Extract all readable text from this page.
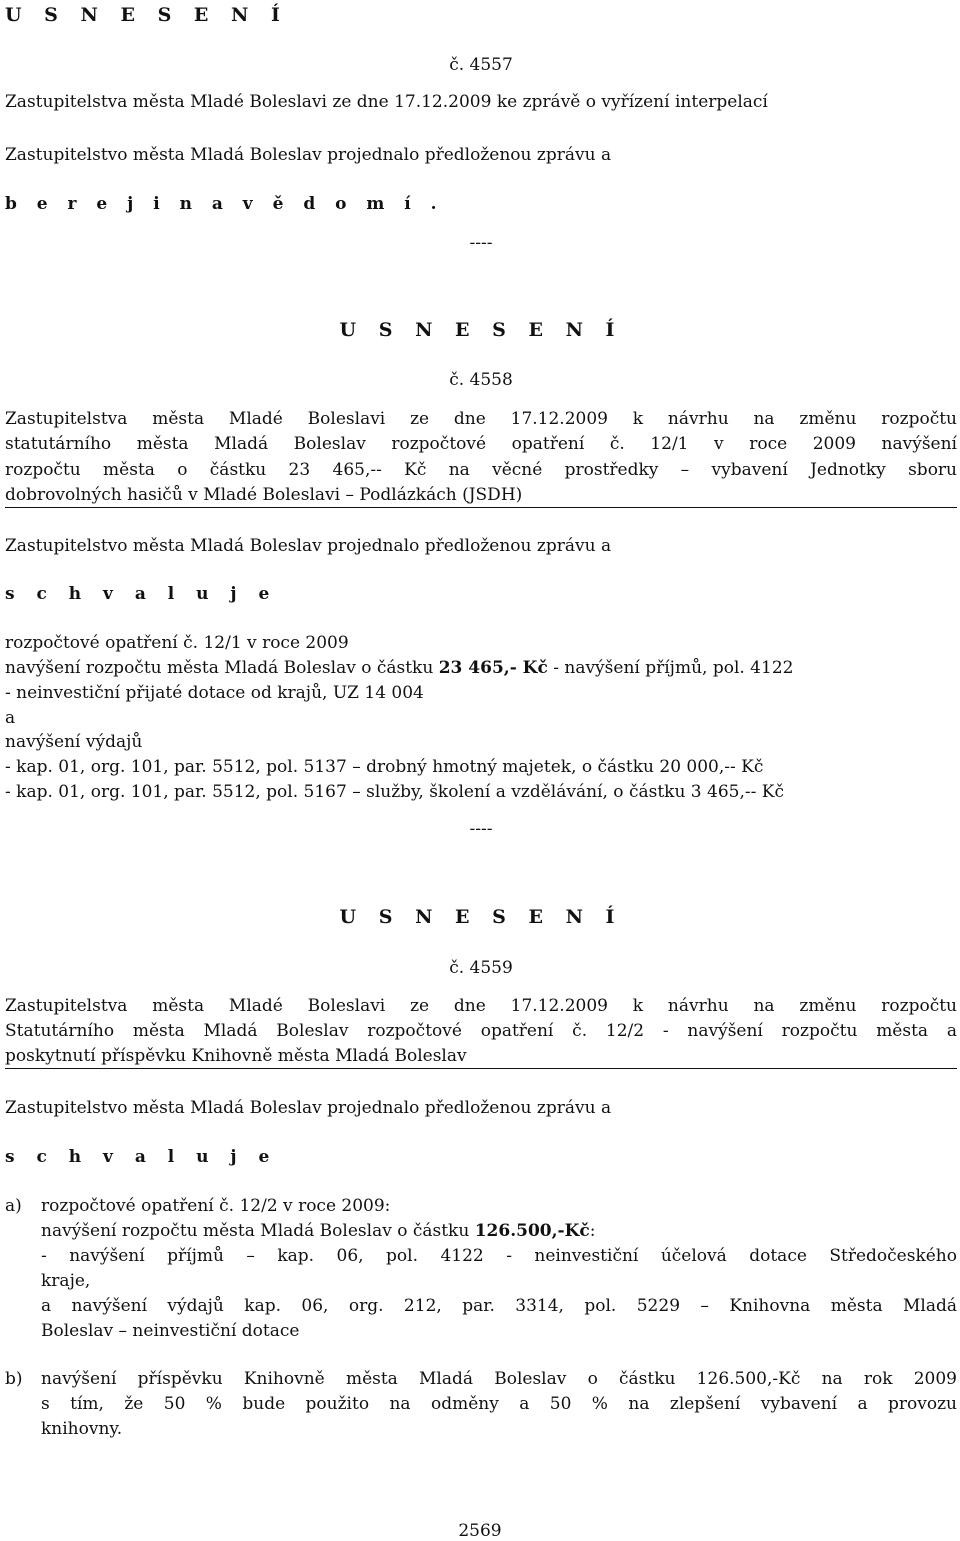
U S N E S E N Í
č. 4557
Zastupitelstva města Mladé Boleslavi ze dne 17.12.2009 ke zprávě o vyřízení interpelací
Zastupitelstvo města Mladá Boleslav projednalo předloženou zprávu a
b e r e j i n a v ě d o m í .
----
U S N E S E N Í
č. 4558
Zastupitelstva města Mladé Boleslavi ze dne 17.12.2009 k návrhu na změnu rozpočtu
statutárního města Mladá Boleslav rozpočtové opatření č. 12/1 v roce 2009 navýšení
rozpočtu města o částku 23 465,-- Kč na věcné prostředky – vybavení Jednotky sboru
dobrovolných hasičů v Mladé Boleslavi – Podlázkách (JSDH)
Zastupitelstvo města Mladá Boleslav projednalo předloženou zprávu a
s c h v a l u j e
rozpočtové opatření č. 12/1 v roce 2009
navýšení rozpočtu města Mladá Boleslav o částku 23 465,- Kč - navýšení příjmů, pol. 4122
- neinvestiční přijaté dotace od krajů, UZ 14 004
a
navýšení výdajů
- kap. 01, org. 101, par. 5512, pol. 5137 – drobný hmotný majetek, o částku 20 000,-- Kč
- kap. 01, org. 101, par. 5512, pol. 5167 – služby, školení a vzdělávání, o částku 3 465,-- Kč
----
U S N E S E N Í
č. 4559
Zastupitelstva města Mladé Boleslavi ze dne 17.12.2009 k návrhu na změnu rozpočtu
Statutárního města Mladá Boleslav rozpočtové opatření č. 12/2 - navýšení rozpočtu města a
poskytnutí příspěvku Knihovně města Mladá Boleslav
Zastupitelstvo města Mladá Boleslav projednalo předloženou zprávu a
s c h v a l u j e
a)	rozpočtové opatření č. 12/2 v roce 2009:
navýšení rozpočtu města Mladá Boleslav o částku 126.500,-Kč:
- navýšení příjmů – kap. 06, pol. 4122 - neinvestiční účelová dotace Středočeského
kraje,
a navýšení výdajů kap. 06, org. 212, par. 3314, pol. 5229 – Knihovna města Mladá
Boleslav – neinvestiční dotace
b)	navýšení příspěvku Knihovně města Mladá Boleslav o částku 126.500,-Kč na rok 2009
s tím, že 50 % bude použito na odměny a 50 % na zlepšení vybavení a provozu
knihovny.
2569
